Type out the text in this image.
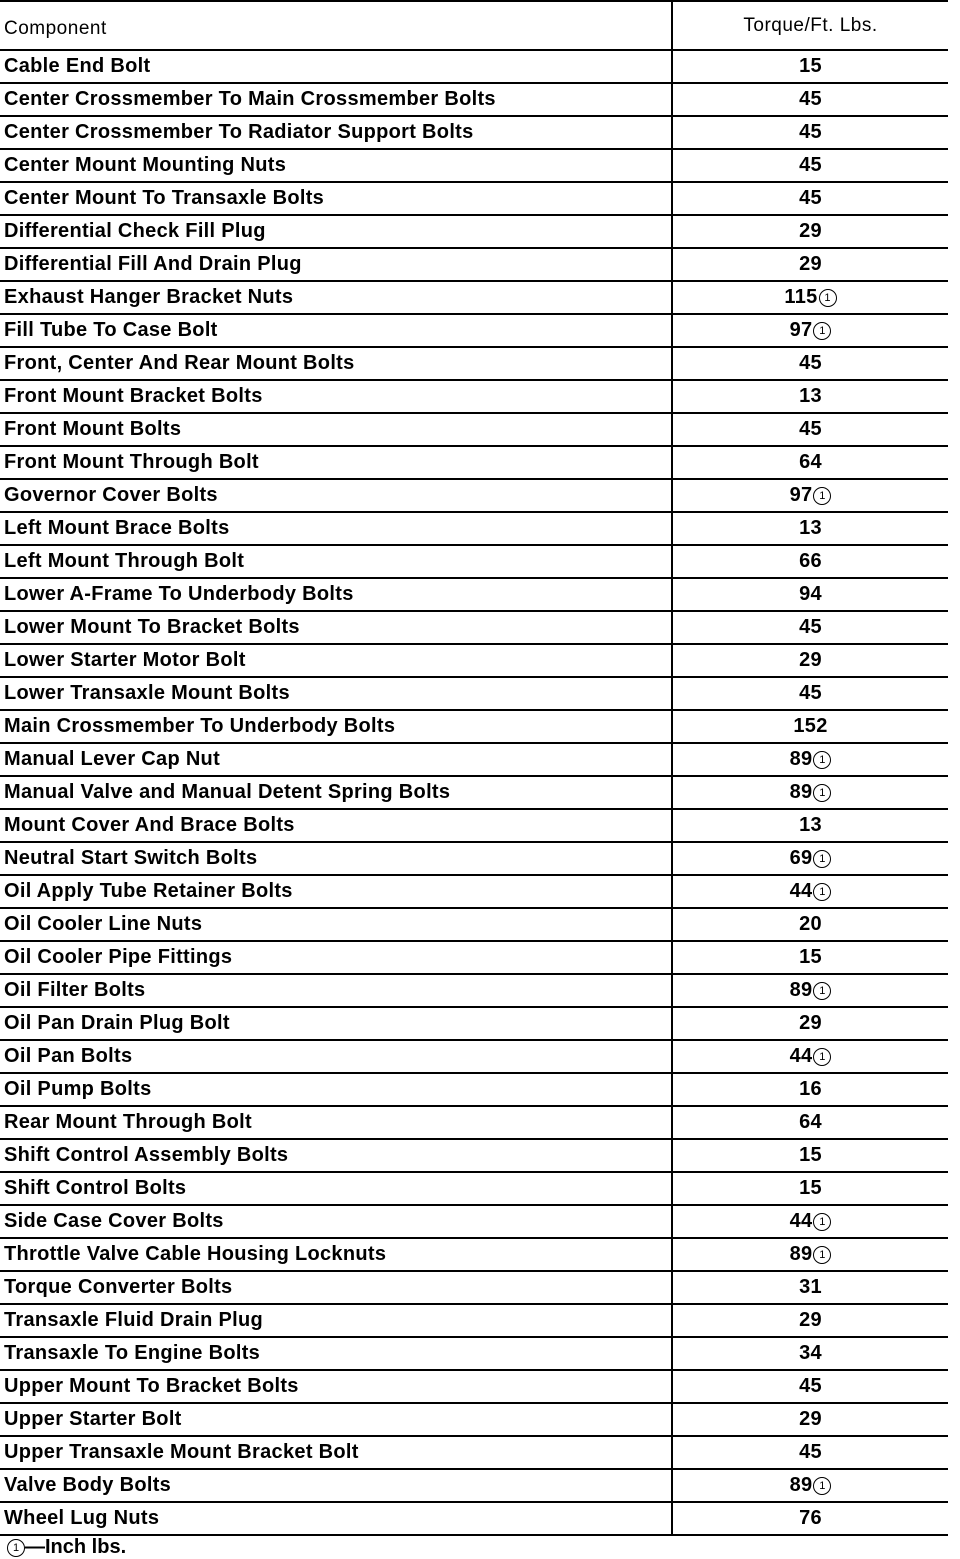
Component	Torque/Ft. Lbs.
Cable End Bolt	15
Center Crossmember To Main Crossmember Bolts	45
Center Crossmember To Radiator Support Bolts	45
Center Mount Mounting Nuts	45
Center Mount To Transaxle Bolts	45
Differential Check Fill Plug	29
Differential Fill And Drain Plug	29
Exhaust Hanger Bracket Nuts	115 1
Fill Tube To Case Bolt	97 1
Front, Center And Rear Mount Bolts	45
Front Mount Bracket Bolts	13
Front Mount Bolts	45
Front Mount Through Bolt	64
Governor Cover Bolts	97 1
Left Mount Brace Bolts	13
Left Mount Through Bolt	66
Lower A-Frame To Underbody Bolts	94
Lower Mount To Bracket Bolts	45
Lower Starter Motor Bolt	29
Lower Transaxle Mount Bolts	45
Main Crossmember To Underbody Bolts	152
Manual Lever Cap Nut	89 1
Manual Valve and Manual Detent Spring Bolts	89 1
Mount Cover And Brace Bolts	13
Neutral Start Switch Bolts	69 1
Oil Apply Tube Retainer Bolts	44 1
Oil Cooler Line Nuts	20
Oil Cooler Pipe Fittings	15
Oil Filter Bolts	89 1
Oil Pan Drain Plug Bolt	29
Oil Pan Bolts	44 1
Oil Pump Bolts	16
Rear Mount Through Bolt	64
Shift Control Assembly Bolts	15
Shift Control Bolts	15
Side Case Cover Bolts	44 1
Throttle Valve Cable Housing Locknuts	89 1
Torque Converter Bolts	31
Transaxle Fluid Drain Plug	29
Transaxle To Engine Bolts	34
Upper Mount To Bracket Bolts	45
Upper Starter Bolt	29
Upper Transaxle Mount Bracket Bolt	45
Valve Body Bolts	89 1
Wheel Lug Nuts	76
1 —Inch lbs.
